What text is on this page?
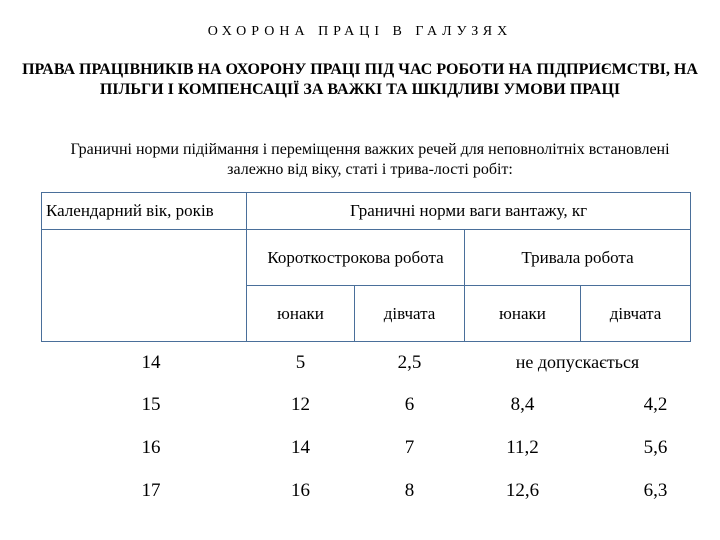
ОХОРОНА ПРАЦІ В ГАЛУЗЯХ
ПРАВА ПРАЦІВНИКІВ НА ОХОРОНУ ПРАЦІ ПІД ЧАС РОБОТИ НА ПІДПРИЄМСТВІ, НА ПІЛЬГИ І КОМПЕНСАЦІЇ ЗА ВАЖКІ ТА ШКІДЛИВІ УМОВИ ПРАЦІ
Граничні норми підіймання і переміщення важких речей для неповнолітніх встановлені залежно від віку, статі і трива-лості робіт:
Календарний вік, років	Граничні норми ваги вантажу, кг			
	Короткострокова робота		Тривала робота	
	юнаки	дівчата	юнаки	дівчата
14	5	2,5	не допускається	
15	12	6	8,4	4,2
16	14	7	11,2	5,6
17	16	8	12,6	6,3
